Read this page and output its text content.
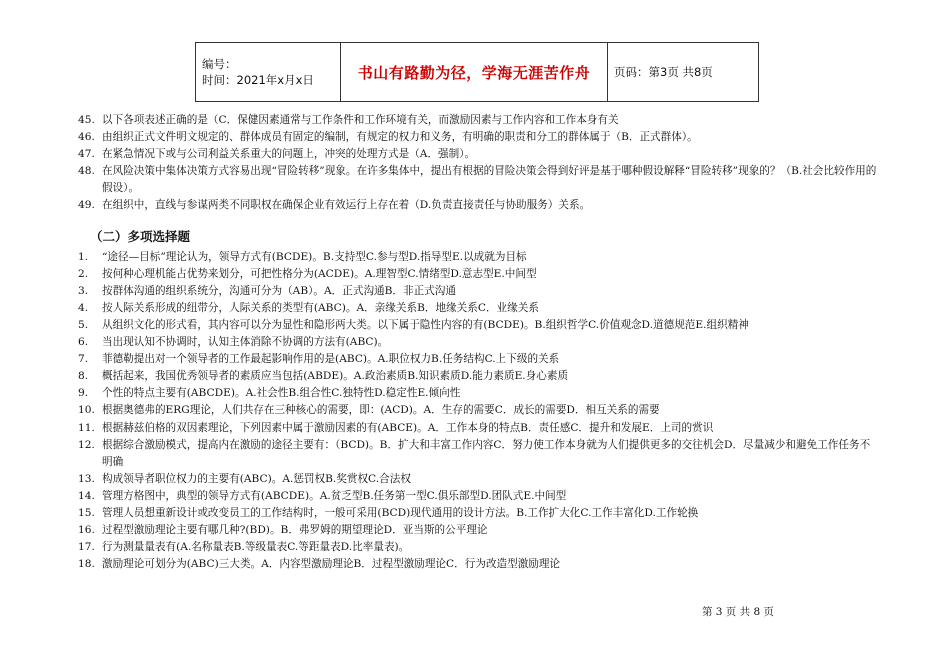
编号：
时间：2021年x月x日	书山有路勤为径，学海无涯苦作舟	页码：第3页 共8页
45. 以下各项表述正确的是（C．保健因素通常与工作条件和工作环境有关，而激励因素与工作内容和工作本身有关
46. 由组织正式文件明文规定的、群体成员有固定的编制，有规定的权力和义务，有明确的职责和分工的群体属于（B．正式群体）。
47. 在紧急情况下或与公司利益关系重大的问题上，冲突的处理方式是（A．强制）。
48. 在风险决策中集体决策方式容易出现“冒险转移”现象。在许多集体中，提出有根据的冒险决策会得到好评是基于哪种假设解释“冒险转移”现象的？（B.社会比较作用的假设）。
49. 在组织中，直线与参谋两类不同职权在确保企业有效运行上存在着（D.负责直接责任与协助服务）关系。
（二）多项选择题
1.	“途径—目标”理论认为，领导方式有(BCDE)。B.支持型C.参与型D.指导型E.以成就为目标
2.	按何种心理机能占优势来划分，可把性格分为(ACDE)。A.理智型C.情绪型D.意志型E.中间型
3.	按群体沟通的组织系统分，沟通可分为（AB）。A．正式沟通B．非正式沟通
4.	按人际关系形成的纽带分，人际关系的类型有(ABC)。A．亲缘关系B．地缘关系C．业缘关系
5.	从组织文化的形式看，其内容可以分为显性和隐形两大类。以下属于隐性内容的有(BCDE)。B.组织哲学C.价值观念D.道德规范E.组织精神
6.	当出现认知不协调时，认知主体消除不协调的方法有(ABC)。
7.	菲德勒提出对一个领导者的工作最起影响作用的是(ABC)。A.职位权力B.任务结构C.上下级的关系
8.	概括起来，我国优秀领导者的素质应当包括(ABDE)。A.政治素质B.知识素质D.能力素质E.身心素质
9.	个性的特点主要有(ABCDE)。A.社会性B.组合性C.独特性D.稳定性E.倾向性
10. 根据奥德弗的ERG理论，人们共存在三种核心的需要，即：(ACD)。A．生存的需要C．成长的需要D．相互关系的需要
11. 根据赫兹伯格的双因素理论，下列因素中属于激励因素的有(ABCE)。A．工作本身的特点B．责任感C．提升和发展E．上司的赏识
12. 根据综合激励模式，提高内在激励的途径主要有：（BCD)。B．扩大和丰富工作内容C．努力使工作本身就为人们提供更多的交往机会D．尽量减少和避免工作任务不明确
13. 构成领导者职位权力的主要有(ABC)。A.惩罚权B.奖赏权C.合法权
14. 管理方格图中，典型的领导方式有(ABCDE)。A.贫乏型B.任务第一型C.俱乐部型D.团队式E.中间型
15. 管理人员想重新设计或改变员工的工作结构时，一般可采用(BCD)现代通用的设计方法。B.工作扩大化C.工作丰富化D.工作轮换
16. 过程型激励理论主要有哪几种?(BD)。B．弗罗姆的期望理论D．亚当斯的公平理论
17. 行为测量量表有(A.名称量表B.等级量表C.等距量表D.比率量表)。
18. 激励理论可划分为(ABC)三大类。A．内容型激励理论B．过程型激励理论C．行为改造型激励理论
第 3 页 共 8 页
